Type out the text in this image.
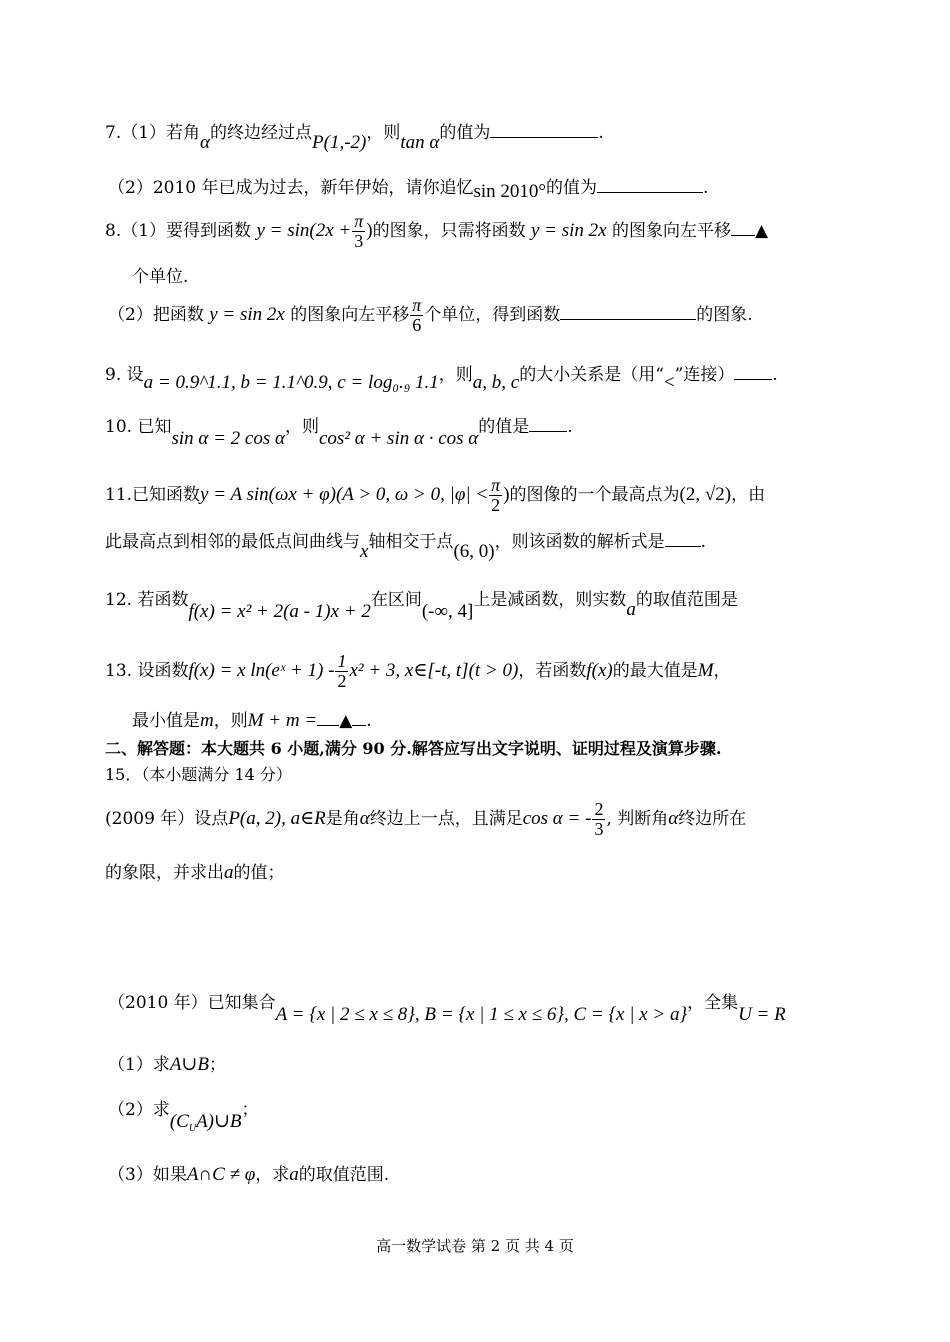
7.（1）若角α的终边经过点P(1,-2)，则tan α的值为	.
（2）2010 年已成为过去，新年伊始，请你追忆sin 2010°的值为	.
8.（1）要得到函数 $y = \sin(2x + \frac{\pi}{3}$ )的图象，只需将函数 y = sin 2x 的图象向左平移 ▲
个单位.
（2）把函数 y = sin 2x 的图象向左平移 $\frac{\pi}{6}$ 个单位，得到函数	的图象.
9. 设a = 0.9^1.1, b = 1.1^0.9, c = log₀.₉ 1.1，则a, b, c的大小关系是（用“<”连接） .
10. 已知sin α = 2 cos α，则cos² α + sin α · cos α的值是 .
11.已知函数y = A sin(ωx + φ)(A > 0, ω > 0, $|\varphi| < \frac{\pi}{2}$ )的图像的一个最高点为(2, √2)，由
此最高点到相邻的最低点间曲线与x轴相交于点(6, 0)，则该函数的解析式是 .
12. 若函数f(x) = x² + 2(a - 1)x + 2在区间(-∞, 4]上是减函数，则实数a的取值范围是
13. 设函数f(x) = x ln(eˣ + $1) - \frac{1}{2} x^2 + 3$, x∈[-t, t](t > 0)，若函数f(x)的最大值是M，
最小值是m，则M + m = ▲ .
二、解答题：本大题共 6 小题,满分 90 分.解答应写出文字说明、证明过程及演算步骤.
15．（本小题满分 14 分）
(2009 年）设点P(a, 2), a∈R是角α终边上一点，且满足cos α = - $\frac{2}{3}$ , 判断角α终边所在
的象限，并求出a的值；
（2010 年）已知集合A = {x | 2 ≤ x ≤ 8}, B = {x | 1 ≤ x ≤ 6}, C = {x | x > a}，全集U = R
（1）求A∪B；
（2）求$(C_UA)\cup B$；
（3）如果A∩C ≠ φ，求a的取值范围.
高一数学试卷 第 2 页 共 4 页
